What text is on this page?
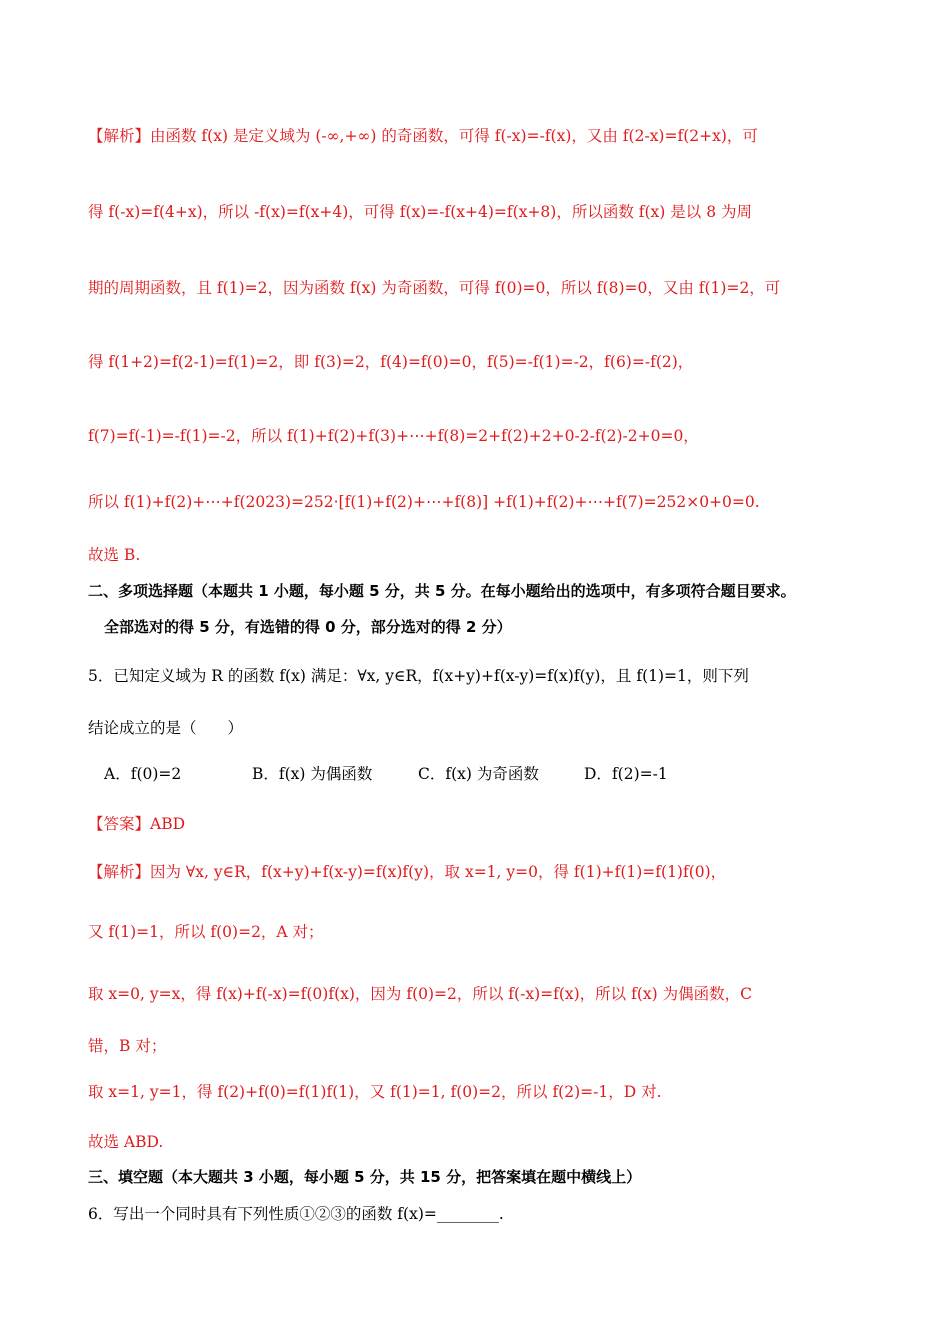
【解析】由函数 f(x) 是定义域为 (-∞,+∞) 的奇函数，可得 f(-x)=-f(x)，又由 f(2-x)=f(2+x)，可
得 f(-x)=f(4+x)，所以 -f(x)=f(x+4)，可得 f(x)=-f(x+4)=f(x+8)，所以函数 f(x) 是以 8 为周
期的周期函数，且 f(1)=2，因为函数 f(x) 为奇函数，可得 f(0)=0，所以 f(8)=0，又由 f(1)=2，可
得 f(1+2)=f(2-1)=f(1)=2，即 f(3)=2，f(4)=f(0)=0，f(5)=-f(1)=-2，f(6)=-f(2)，
f(7)=f(-1)=-f(1)=-2，所以 f(1)+f(2)+f(3)+⋯+f(8)=2+f(2)+2+0-2-f(2)-2+0=0，
所以 f(1)+f(2)+⋯+f(2023)=252·[f(1)+f(2)+⋯+f(8)] +f(1)+f(2)+⋯+f(7)=252×0+0=0.
故选 B.
二、多项选择题（本题共 1 小题，每小题 5 分，共 5 分。在每小题给出的选项中，有多项符合题目要求。
全部选对的得 5 分，有选错的得 0 分，部分选对的得 2 分）
5．已知定义域为 R 的函数 f(x) 满足：∀x, y∈R，f(x+y)+f(x-y)=f(x)f(y)，且 f(1)=1，则下列
结论成立的是（　　）
A．f(0)=2	B．f(x) 为偶函数	C．f(x) 为奇函数	D．f(2)=-1
【答案】ABD
【解析】因为 ∀x, y∈R，f(x+y)+f(x-y)=f(x)f(y)，取 x=1, y=0，得 f(1)+f(1)=f(1)f(0)，
又 f(1)=1，所以 f(0)=2，A 对；
取 x=0, y=x，得 f(x)+f(-x)=f(0)f(x)，因为 f(0)=2，所以 f(-x)=f(x)，所以 f(x) 为偶函数，C
错，B 对；
取 x=1, y=1，得 f(2)+f(0)=f(1)f(1)，又 f(1)=1, f(0)=2，所以 f(2)=-1，D 对.
故选 ABD.
三、填空题（本大题共 3 小题，每小题 5 分，共 15 分，把答案填在题中横线上）
6．写出一个同时具有下列性质①②③的函数 f(x)=________.
